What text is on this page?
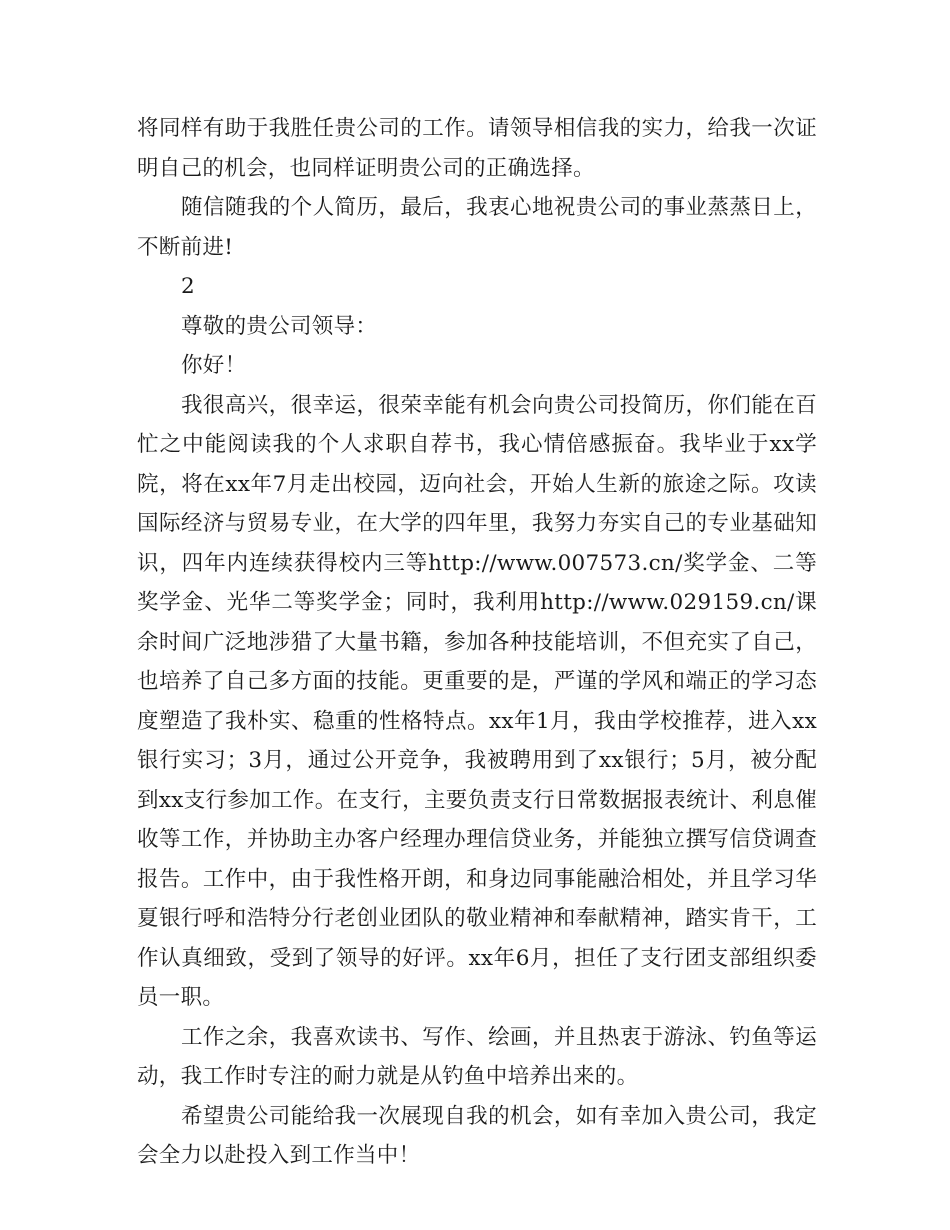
将同样有助于我胜任贵公司的工作。请领导相信我的实力，给我一次证明自己的机会，也同样证明贵公司的正确选择。

随信随我的个人简历，最后，我衷心地祝贵公司的事业蒸蒸日上，不断前进!

2

尊敬的贵公司领导：

你好！

我很高兴，很幸运，很荣幸能有机会向贵公司投简历，你们能在百忙之中能阅读我的个人求职自荐书，我心情倍感振奋。我毕业于xx学院，将在xx年7月走出校园，迈向社会，开始人生新的旅途之际。攻读国际经济与贸易专业，在大学的四年里，我努力夯实自己的专业基础知识，四年内连续获得校内三等http://www.007573.cn/奖学金、二等奖学金、光华二等奖学金；同时，我利用http://www.029159.cn/课余时间广泛地涉猎了大量书籍，参加各种技能培训，不但充实了自己，也培养了自己多方面的技能。更重要的是，严谨的学风和端正的学习态度塑造了我朴实、稳重的性格特点。xx年1月，我由学校推荐，进入xx银行实习；3月，通过公开竞争，我被聘用到了xx银行；5月，被分配到xx支行参加工作。在支行，主要负责支行日常数据报表统计、利息催收等工作，并协助主办客户经理办理信贷业务，并能独立撰写信贷调查报告。工作中，由于我性格开朗，和身边同事能融洽相处，并且学习华夏银行呼和浩特分行老创业团队的敬业精神和奉献精神，踏实肯干，工作认真细致，受到了领导的好评。xx年6月，担任了支行团支部组织委员一职。

工作之余，我喜欢读书、写作、绘画，并且热衷于游泳、钓鱼等运动，我工作时专注的耐力就是从钓鱼中培养出来的。

希望贵公司能给我一次展现自我的机会，如有幸加入贵公司，我定会全力以赴投入到工作当中！
